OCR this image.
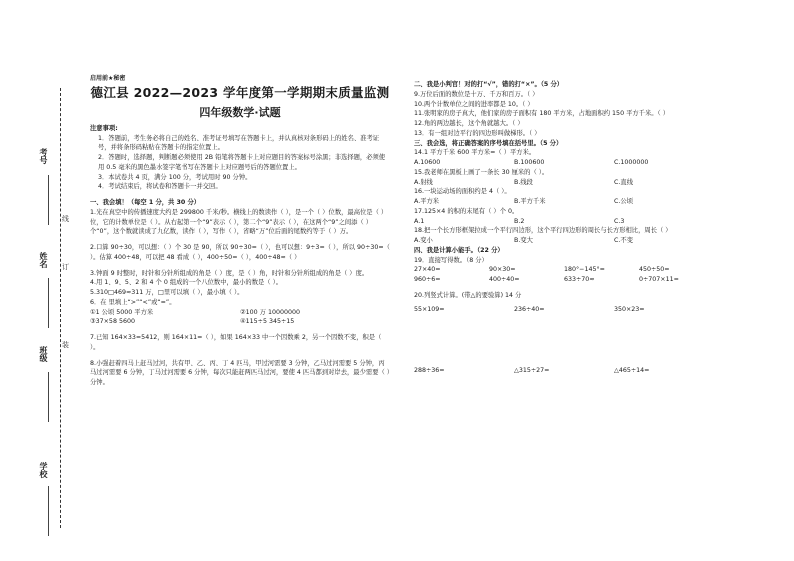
考号
姓名
班级
学校
线
订
装
启用前★秘密
德江县 2022—2023 学年度第一学期期末质量监测
四年级数学·试题
注意事项:
1．答题前，考生务必将自己的姓名、准考证号填写在答题卡上，并认真核对条形码上的姓名、准考证号，并将条形码粘贴在答题卡的指定位置上。
2．答题时，选择题，判断题必须使用 2B 铅笔将答题卡上对应题目的答案标号涂黑；非选择题，必须使用 0.5 毫米的黑色墨水签字笔书写在答题卡上对应题号后的答题位置上。
3．本试卷共 4 页，满分 100 分，考试用时 90 分钟。
4．考试结束后，将试卷和答题卡一并交回。
一、我会填！（每空 1 分，共 30 分）
1.光在真空中的传播速度大约是 299800 千米/秒。横线上的数读作（ ），是一个（ ）位数，最高位是（ ）位，它的计数单位是（ ）。从右起第一个“9”表示（ ），第二个“9”表示（ ），在这两个“9”之间添（ ）个“0”，这个数就读成了九亿数，读作（ ），写作（ ），省略“万”位后面的尾数约等于（ ）万。
2.口算 90÷30，可以想：（ ）个 30 是 90，所以 90÷30=（ ），也可以想：9÷3=（ ），所以 90÷30=（ ）。估算 400÷48，可以把 48 看成（ ），400÷50=（ ），400÷48≈（ ）
3.钟面 9 时整时，时针和分针所组成的角是（ ）度，是（ ）角，时针和分针所组成的角是（ ）度。
4.用 1、9、5、2 和 4 个 0 组成的一个八位数中，最小的数是（ ）。
5.310□469≈311 万，□里可以填（ ），最小填（ ）。
6．在 里填上“>”“<”或“=”。
①1 公顷 5000 平方米	②100 万 10000000
③37×58 5600	④115÷5 345÷15
7.已知 164×33=5412，则 164×11=（ ），如果 164×33 中一个因数乘 2，另一个因数不变，积是（ ）。
8.小强赶着四马上赶马过河，共有甲、乙、丙、丁 4 匹马，甲过河需要 3 分钟，乙马过河需要 5 分钟，丙马过河需要 6 分钟，丁马过河需要 6 分钟，每次只能赶两匹马过河，要使 4 匹马都到对岸去，最少需要（ ）分钟。
二、我是小判官！对的打“√”，错的打“×”。（5 分）
9.万位后面的数位是十万、千万和百万。（ ）
10.两个计数单位之间的进率都是 10。（ ）
11.张明家的房子真大，他们家的房子面积有 180 平方米，占地面积约 150 平方千米。（ ）
12.角的两边越长，这个角就越大。（ ）
13．有一组对边平行的四边形叫做梯形。（ ）
三、我会选，将正确答案的序号填在括号里。（5 分）
14.1 平方千米 600 平方米=（ ）平方米。
A.10600	B.100600	C.1000000
15.我老师在黑板上画了一条长 30 厘米的（ ）。
A.射线	B.线段	C.直线
16.一块运动场的面积约是 4（ ）。
A.平方米	B.平方千米	C.公顷
17.125×4 的积的末尾有（ ）个 0。
A.1	B.2	C.3
18.把一个长方形框架拉成一个平行四边形，这个平行四边形的周长与长方形相比，周长（ ）
A.变小	B.变大	C.不变
四、我是计算小能手。（22 分）
19．直接写得数。（8 分）
27×40=	90×30=	180°−145°=	450÷50=
960÷6=	400÷40=	633÷70≈	0÷707×11=
20.列竖式计算。(带△的要验算) 14 分
55×109=	236÷40=	350×23=
288÷36=	△315÷27=	△465÷14=
